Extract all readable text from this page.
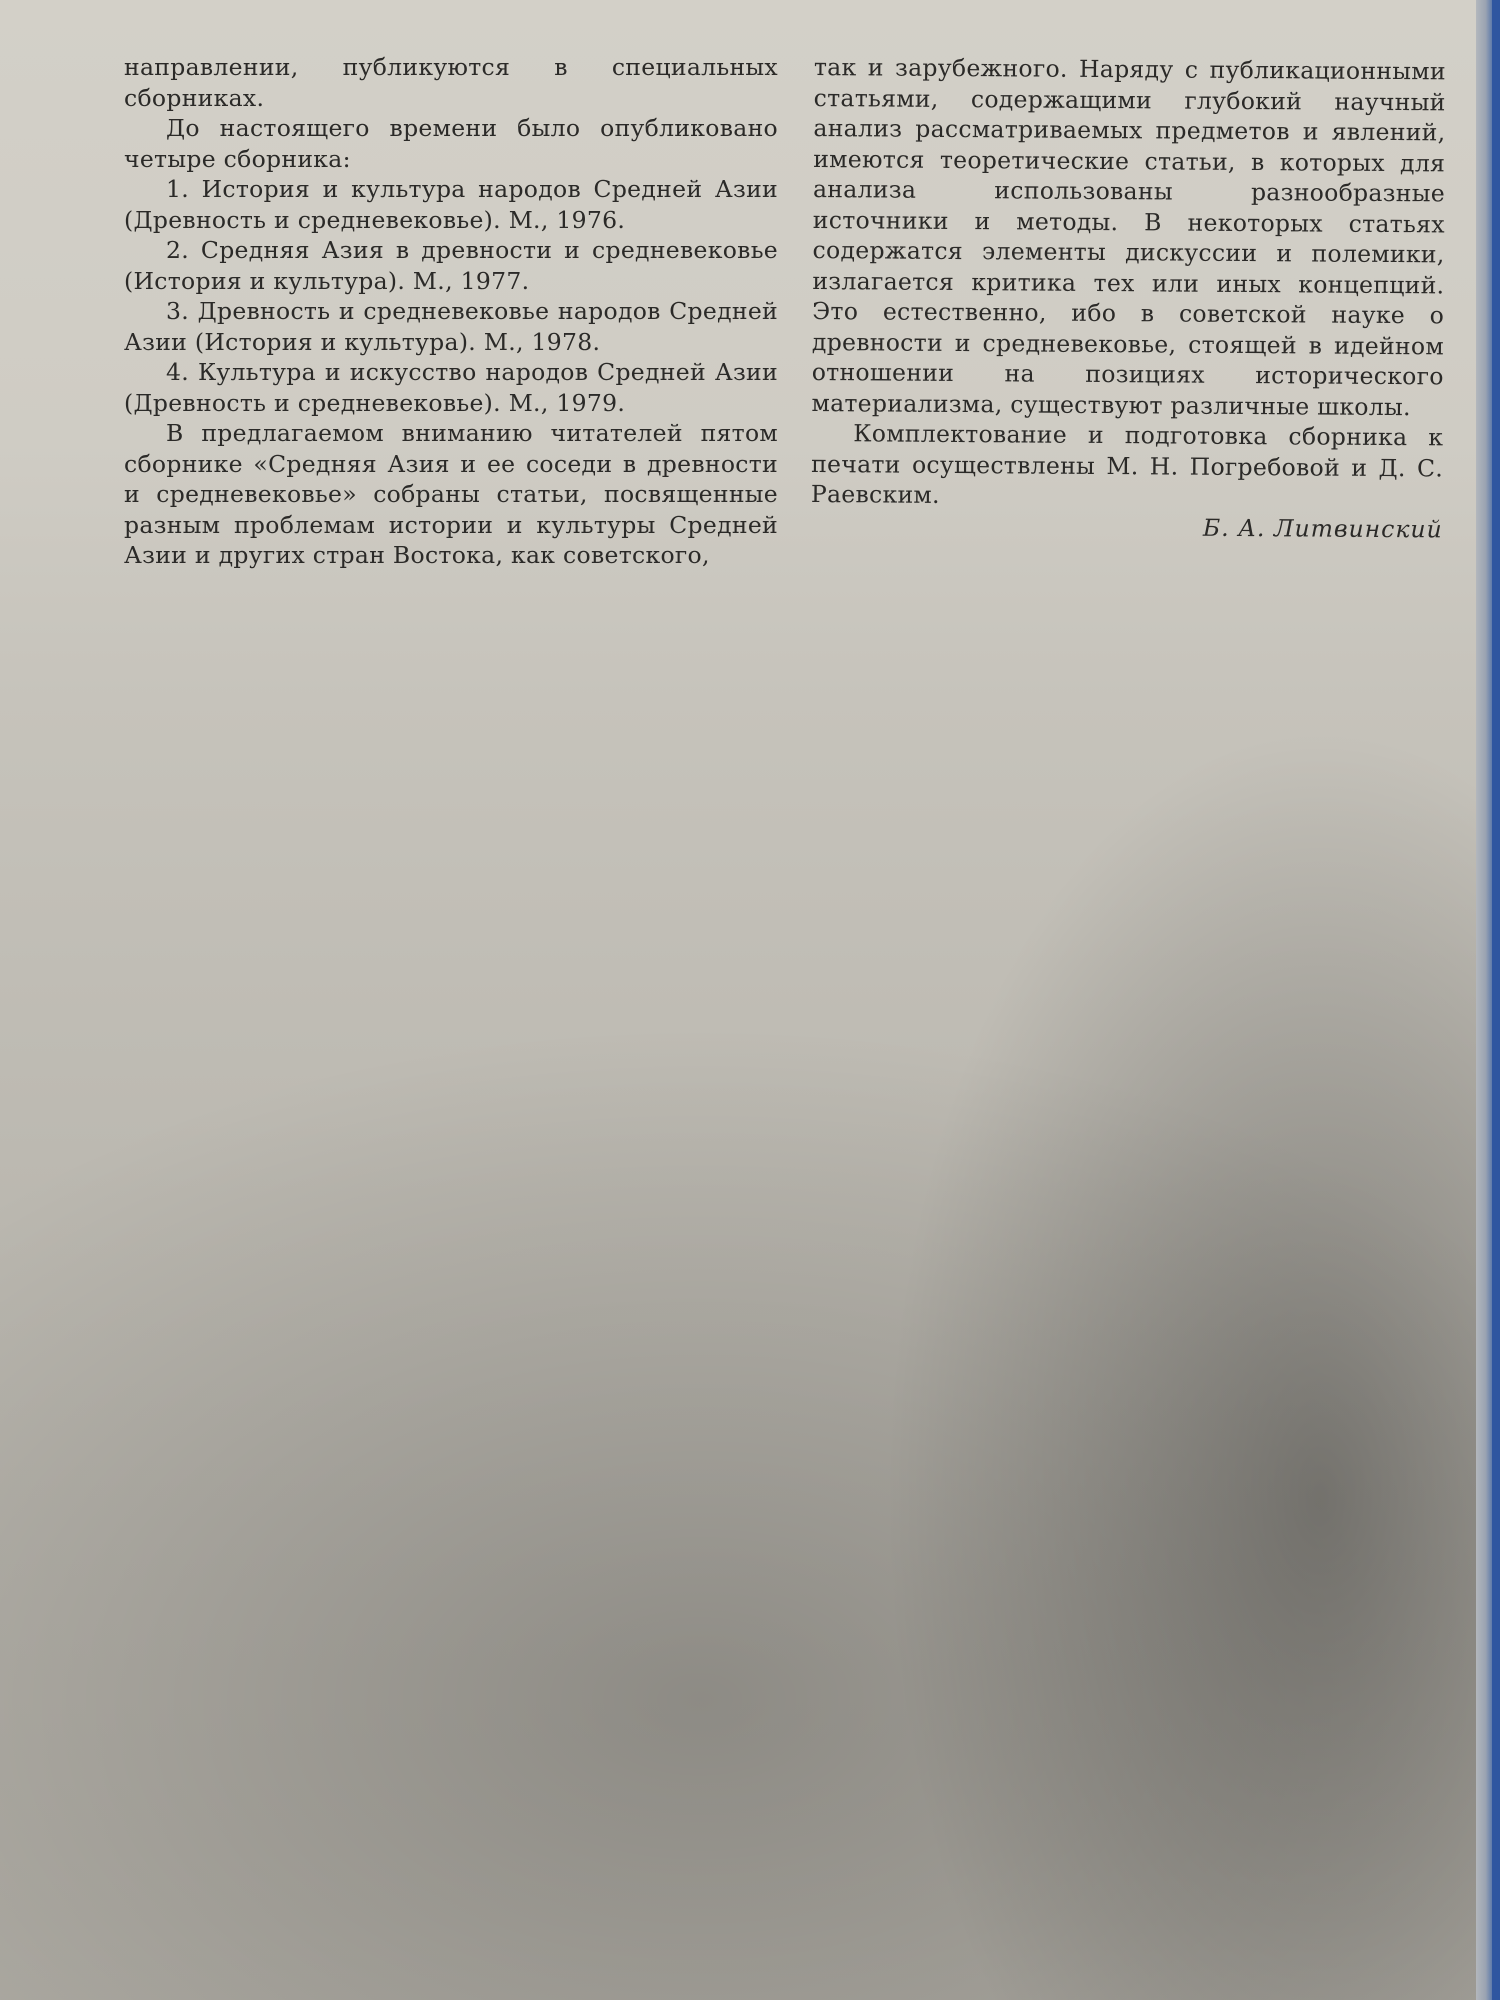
направлении, публикуются в специальных сборниках.

До настоящего времени было опубликовано четыре сборника:

1. История и культура народов Средней Азии (Древность и средневековье). М., 1976.

2. Средняя Азия в древности и средневековье (История и культура). М., 1977.

3. Древность и средневековье народов Средней Азии (История и культура). М., 1978.

4. Культура и искусство народов Средней Азии (Древность и средневековье). М., 1979.

В предлагаемом вниманию читателей пятом сборнике «Средняя Азия и ее соседи в древности и средневековье» собраны статьи, посвященные разным проблемам истории и культуры Средней Азии и других стран Востока, как советского,

так и зарубежного. Наряду с публикационными статьями, содержащими глубокий научный анализ рассматриваемых предметов и явлений, имеются теоретические статьи, в которых для анализа использованы разнообразные источники и методы. В некоторых статьях содержатся элементы дискуссии и полемики, излагается критика тех или иных концепций. Это естественно, ибо в советской науке о древности и средневековье, стоящей в идейном отношении на позициях исторического материализма, существуют различные школы.

Комплектование и подготовка сборника к печати осуществлены М. Н. Погребовой и Д. С. Раевским.

Б. А. Литвинский
